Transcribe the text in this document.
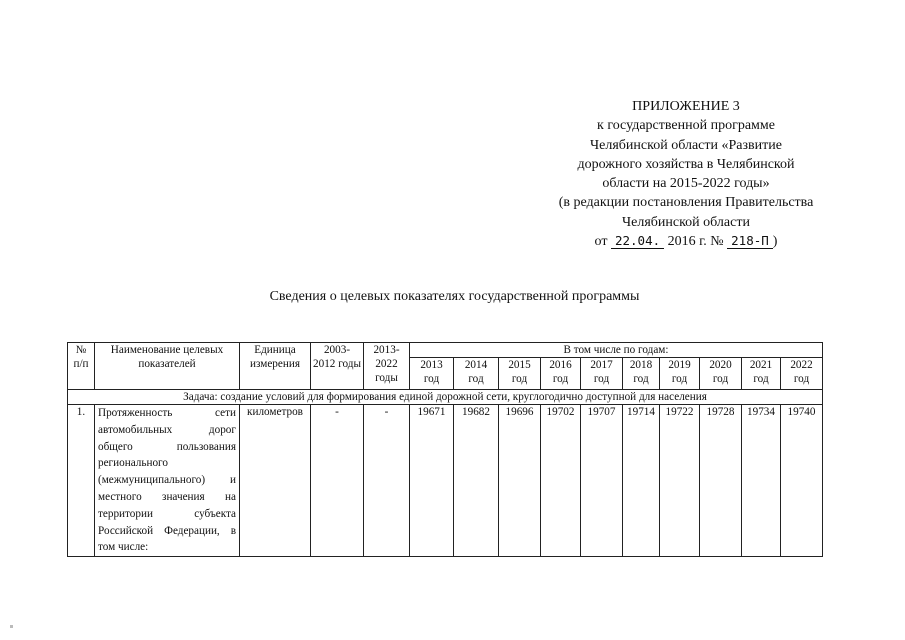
ПРИЛОЖЕНИЕ 3
к государственной программе
Челябинской области «Развитие
дорожного хозяйства в Челябинской
области на 2015-2022 годы»
(в редакции постановления Правительства
Челябинской области
от 22.04. 2016 г. № 218-П )
Сведения о целевых показателях государственной программы
№ п/п	Наименование целевых показателей	Единица измерения	2003- 2012 годы	2013- 2022 годы	В том числе по годам:									
					2013 год	2014 год	2015 год	2016 год	2017 год	2018 год	2019 год	2020 год	2021 год	2022 год
Задача: создание условий для формирования единой дорожной сети, круглогодично доступной для населения														
1.	Протяженность сети автомобильных дорог общего пользования регионального (межмуниципального) и местного значения на территории субъекта Российской Федерации, в том числе:	километров	-	-	19671	19682	19696	19702	19707	19714	19722	19728	19734	19740
